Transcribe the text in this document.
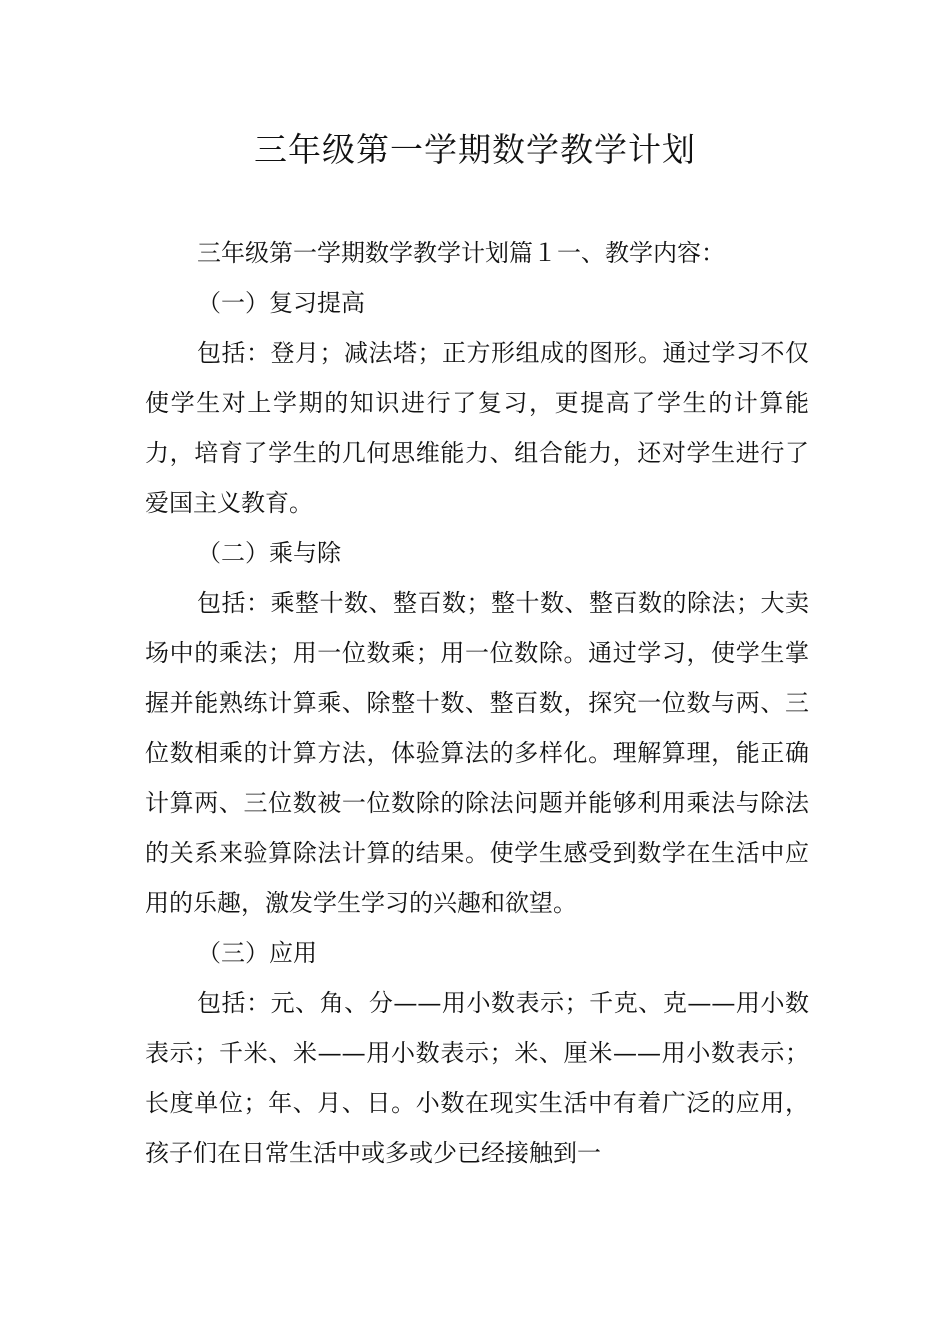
三年级第一学期数学教学计划

三年级第一学期数学教学计划篇１一、教学内容：

（一）复习提高

包括：登月；减法塔；正方形组成的图形。通过学习不仅使学生对上学期的知识进行了复习，更提高了学生的计算能力，培育了学生的几何思维能力、组合能力，还对学生进行了爱国主义教育。

（二）乘与除

包括：乘整十数、整百数；整十数、整百数的除法；大卖场中的乘法；用一位数乘；用一位数除。通过学习，使学生掌握并能熟练计算乘、除整十数、整百数，探究一位数与两、三位数相乘的计算方法，体验算法的多样化。理解算理，能正确计算两、三位数被一位数除的除法问题并能够利用乘法与除法的关系来验算除法计算的结果。使学生感受到数学在生活中应用的乐趣，激发学生学习的兴趣和欲望。

（三）应用

包括：元、角、分——用小数表示；千克、克——用小数表示；千米、米——用小数表示；米、厘米——用小数表示；长度单位；年、月、日。小数在现实生活中有着广泛的应用，孩子们在日常生活中或多或少已经接触到一
